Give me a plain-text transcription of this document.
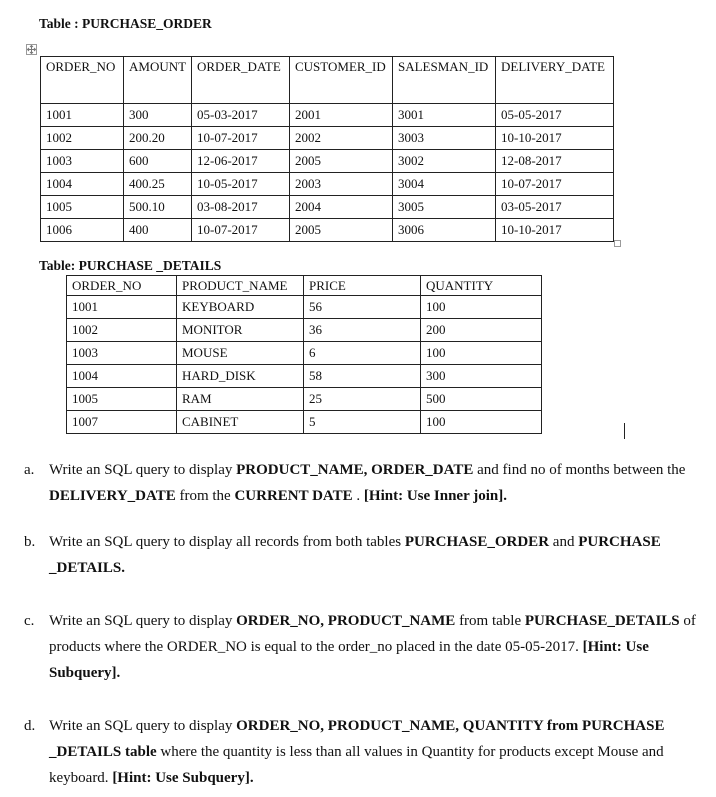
Table : PURCHASE_ORDER
ORDER_NO	AMOUNT	ORDER_DATE	CUSTOMER_ID	SALESMAN_ID	DELIVERY_DATE
1001	300	05-03-2017	2001	3001	05-05-2017
1002	200.20	10-07-2017	2002	3003	10-10-2017
1003	600	12-06-2017	2005	3002	12-08-2017
1004	400.25	10-05-2017	2003	3004	10-07-2017
1005	500.10	03-08-2017	2004	3005	03-05-2017
1006	400	10-07-2017	2005	3006	10-10-2017
Table: PURCHASE _DETAILS
ORDER_NO	PRODUCT_NAME	PRICE	QUANTITY
1001	KEYBOARD	56	100
1002	MONITOR	36	200
1003	MOUSE	6	100
1004	HARD_DISK	58	300
1005	RAM	25	500
1007	CABINET	5	100
a. Write an SQL query to display PRODUCT_NAME, ORDER_DATE and find no of months between the DELIVERY_DATE from the CURRENT DATE . [Hint: Use Inner join].
b. Write an SQL query to display all records from both tables PURCHASE_ORDER and PURCHASE _DETAILS.
c. Write an SQL query to display ORDER_NO, PRODUCT_NAME from table PURCHASE_DETAILS of products where the ORDER_NO is equal to the order_no placed in the date 05-05-2017. [Hint: Use Subquery].
d. Write an SQL query to display ORDER_NO, PRODUCT_NAME, QUANTITY from PURCHASE _DETAILS table where the quantity is less than all values in Quantity for products except Mouse and keyboard. [Hint: Use Subquery].
